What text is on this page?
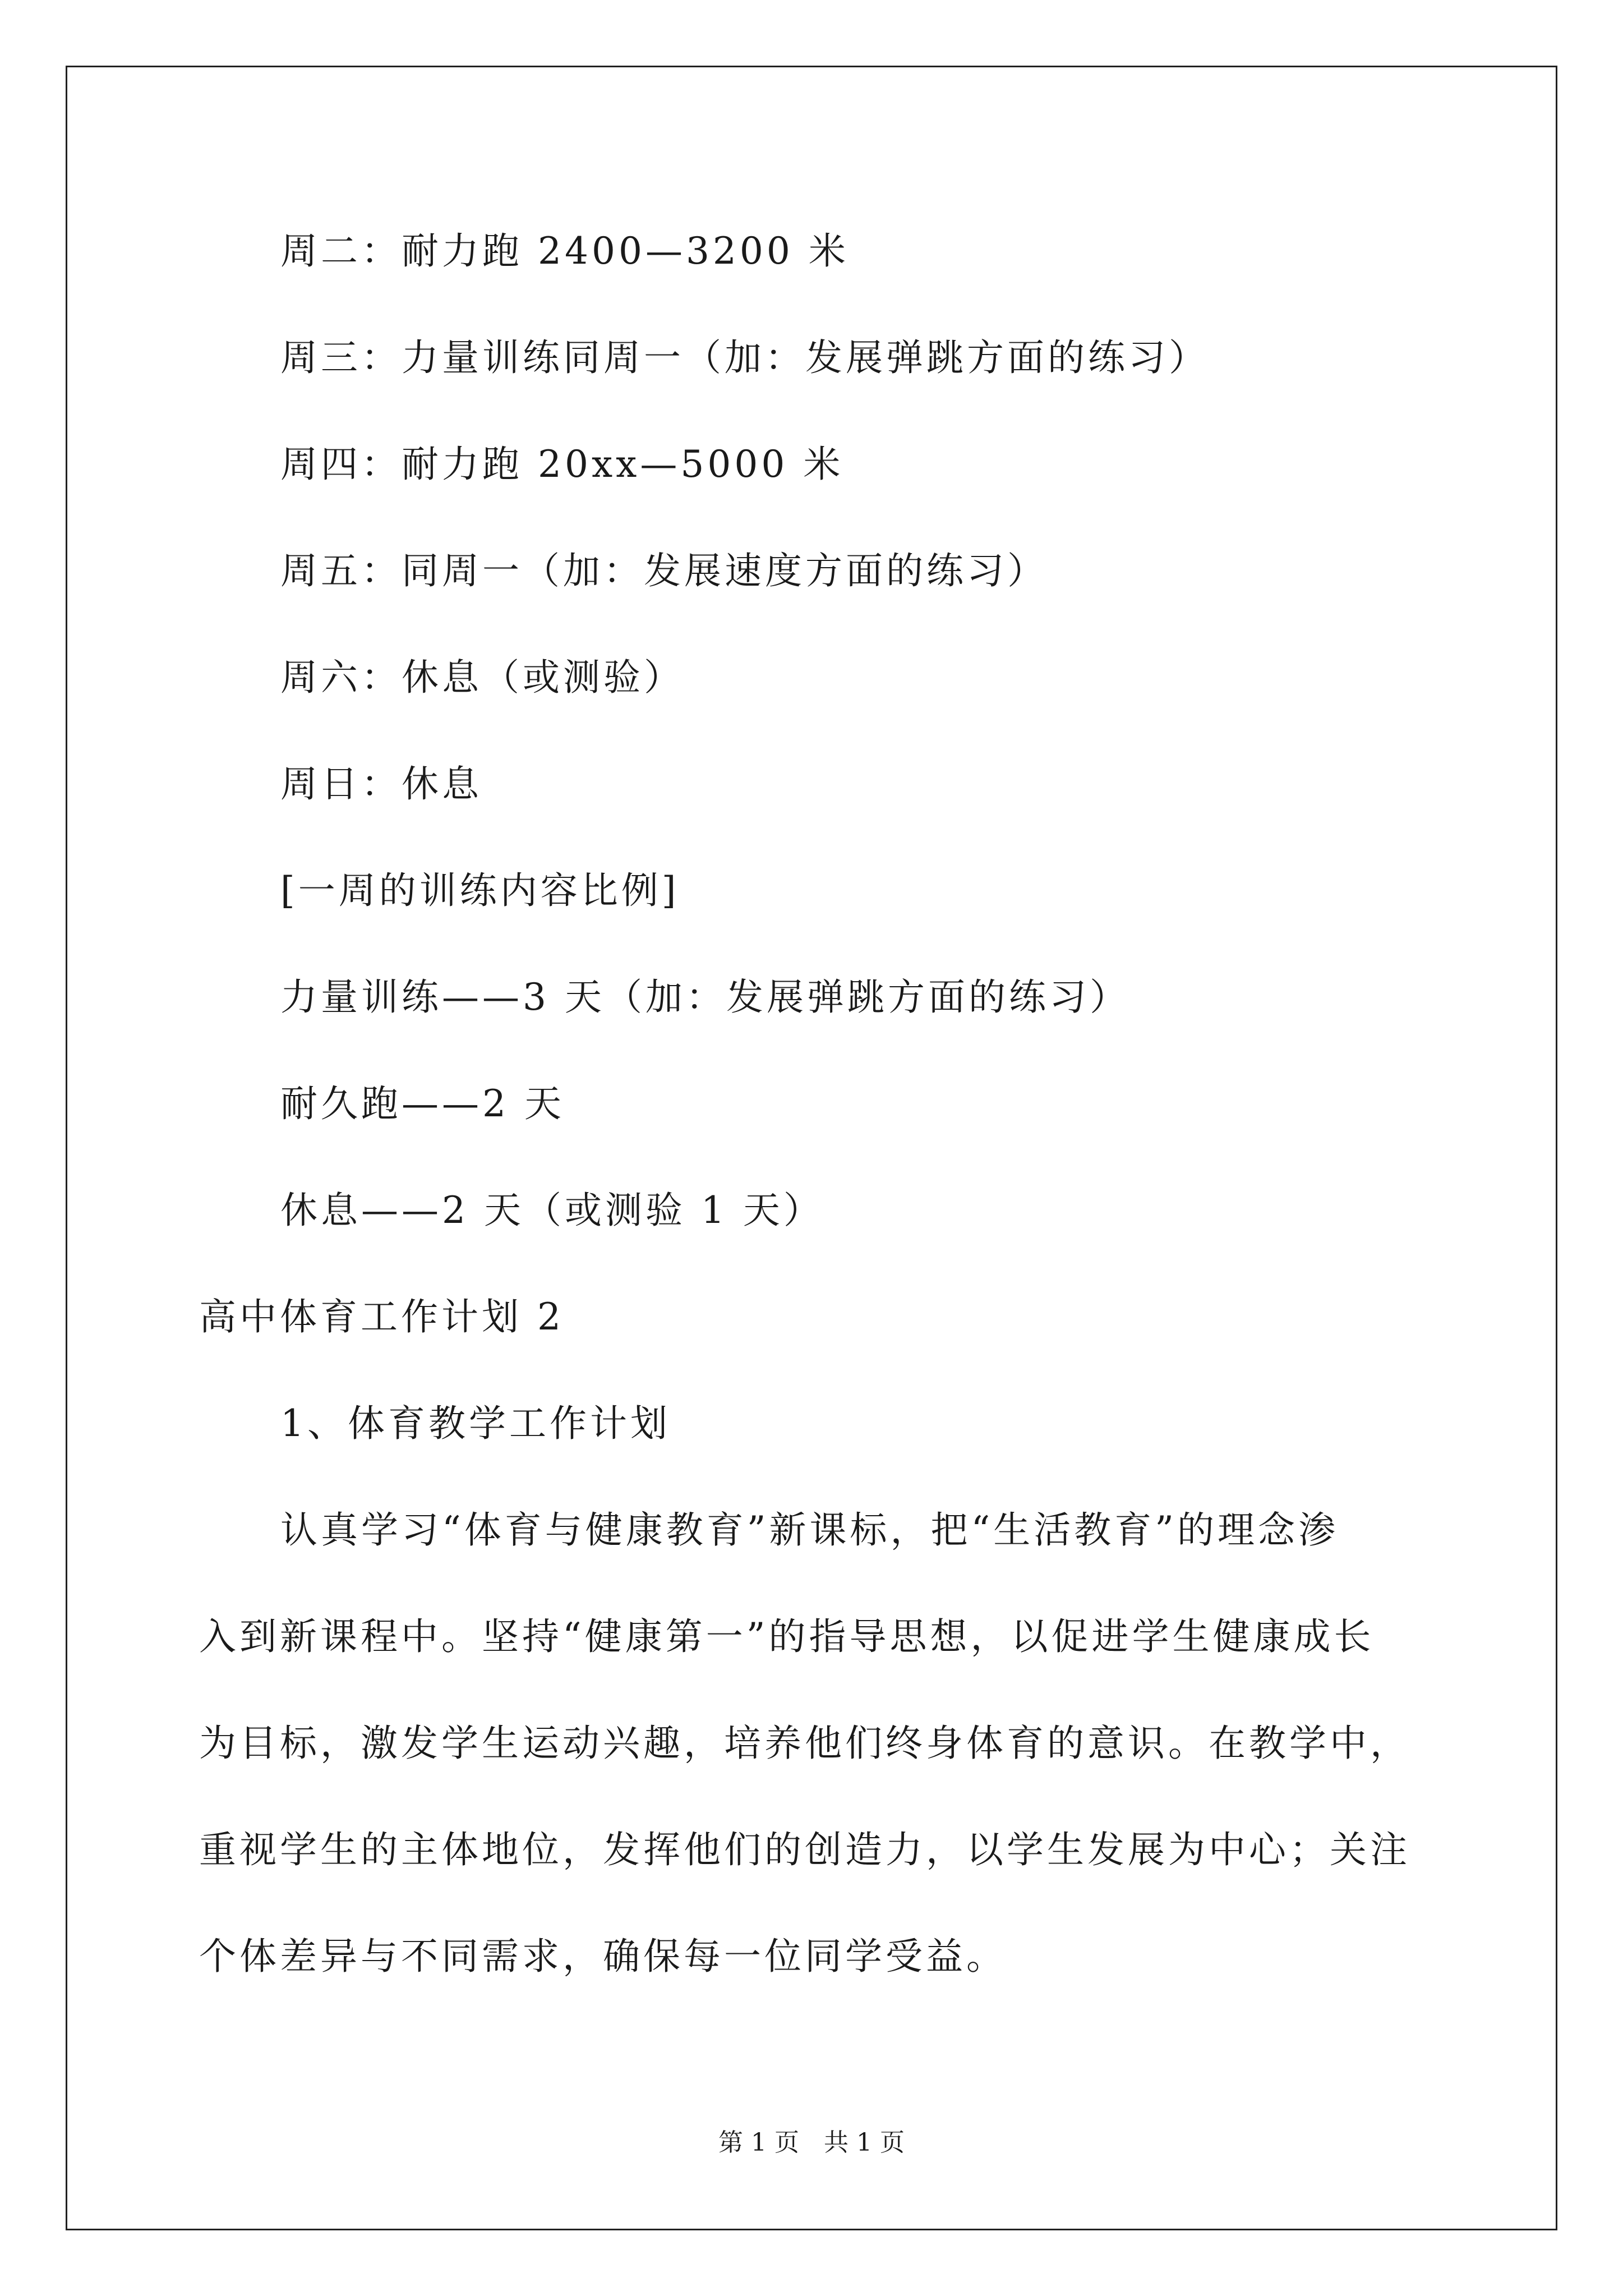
周二：耐力跑 2400—3200 米
周三：力量训练同周一（加：发展弹跳方面的练习）
周四：耐力跑 20xx—5000 米
周五：同周一（加：发展速度方面的练习）
周六：休息（或测验）
周日：休息
[一周的训练内容比例]
力量训练——3 天（加：发展弹跳方面的练习）
耐久跑——2 天
休息——2 天（或测验 1 天）
高中体育工作计划 2
1、体育教学工作计划
认真学习“体育与健康教育”新课标，把“生活教育”的理念渗
入到新课程中。坚持“健康第一”的指导思想，以促进学生健康成长
为目标，激发学生运动兴趣，培养他们终身体育的意识。在教学中，
重视学生的主体地位，发挥他们的创造力，以学生发展为中心；关注
个体差异与不同需求，确保每一位同学受益。
第 1 页　共 1 页
